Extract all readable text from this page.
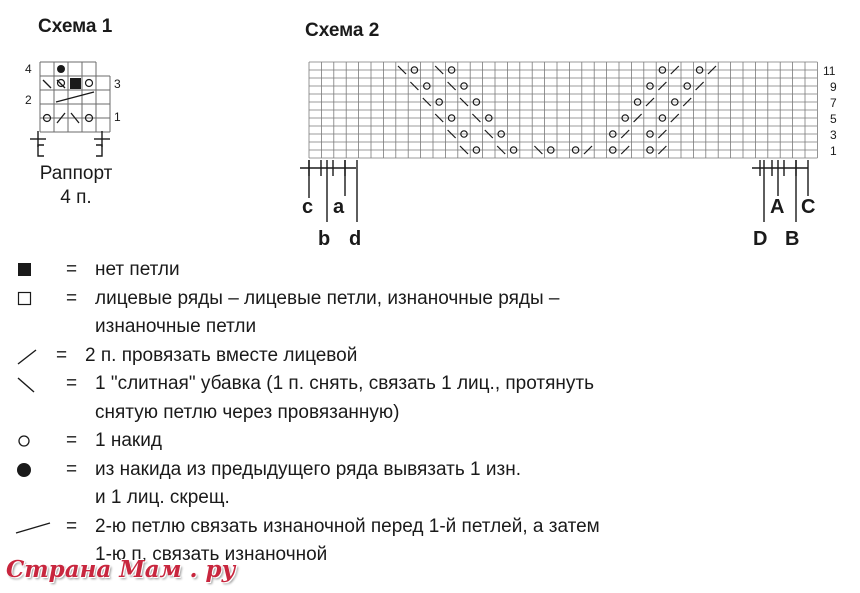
Схема 1
4
3
2
1
Раппорт
4 п.
Схема 2
11
9
7
5
3
1
c a
b d
A C
D B
= нет петли
= лицевые ряды – лицевые петли, изнаночные ряды –
изнаночные петли
= 2 п. провязать вместе лицевой
= 1 "слитная" убавка (1 п. снять, связать 1 лиц., протянуть
снятую петлю через провязанную)
= 1 накид
= из накида из предыдущего ряда вывязать 1 изн.
и 1 лиц. скрещ.
= 2-ю петлю связать изнаночной перед 1-й петлей, а затем
1-ю п. связать изнаночной
Страна Мам . ру
